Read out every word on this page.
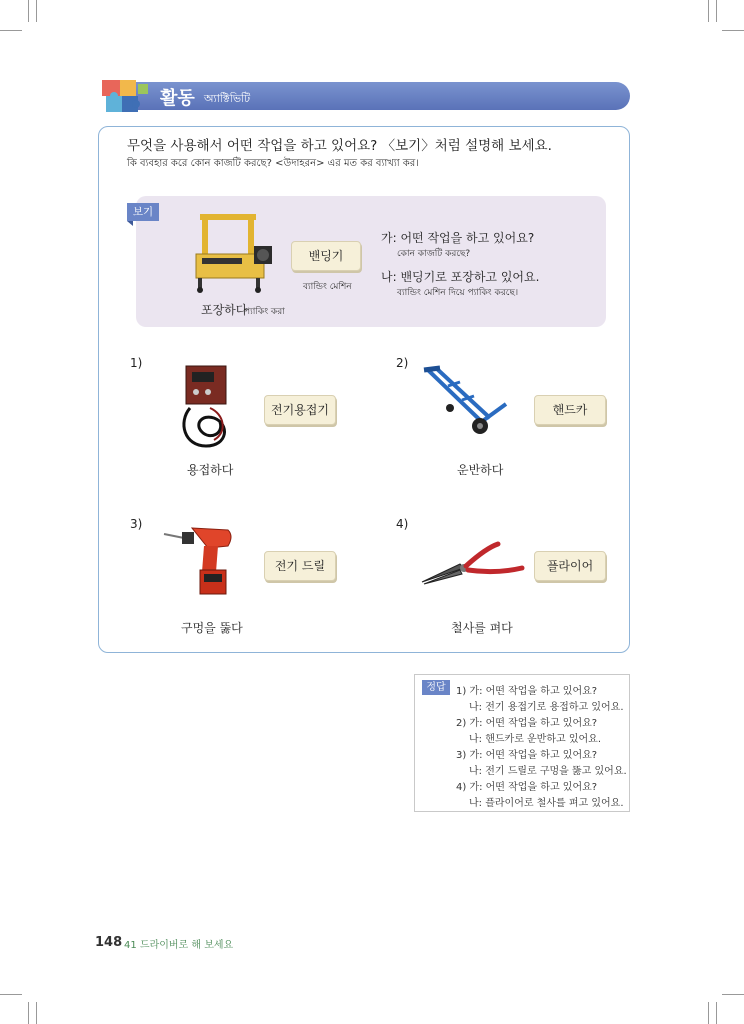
활동 অ্যাক্টিভিটি
무엇을 사용해서 어떤 작업을 하고 있어요? 〈보기〉처럼 설명해 보세요.
কি ব্যবহার করে কোন কাজটি করছে? <উদাহরন> এর মত কর ব্যাখ্যা কর।
보기
밴딩기
ব্যান্ডিং মেশিন
포장하다
প্যাকিং করা
가: 어떤 작업을 하고 있어요?
কোন কাজটি করছে?
나: 밴딩기로 포장하고 있어요.
ব্যান্ডিং মেশিন দিয়ে প্যাকিং করছে।
1)
전기용접기
용접하다
2)
핸드카
운반하다
3)
전기 드릴
구멍을 뚫다
4)
플라이어
철사를 펴다
정답	1) 가: 어떤 작업을 하고 있어요?
나: 전기 용접기로 용접하고 있어요.
2) 가: 어떤 작업을 하고 있어요?
나: 핸드카로 운반하고 있어요.
3) 가: 어떤 작업을 하고 있어요?
나: 전기 드릴로 구멍을 뚫고 있어요.
4) 가: 어떤 작업을 하고 있어요?
나: 플라이어로 철사를 펴고 있어요.
148 41 드라이버로 해 보세요
